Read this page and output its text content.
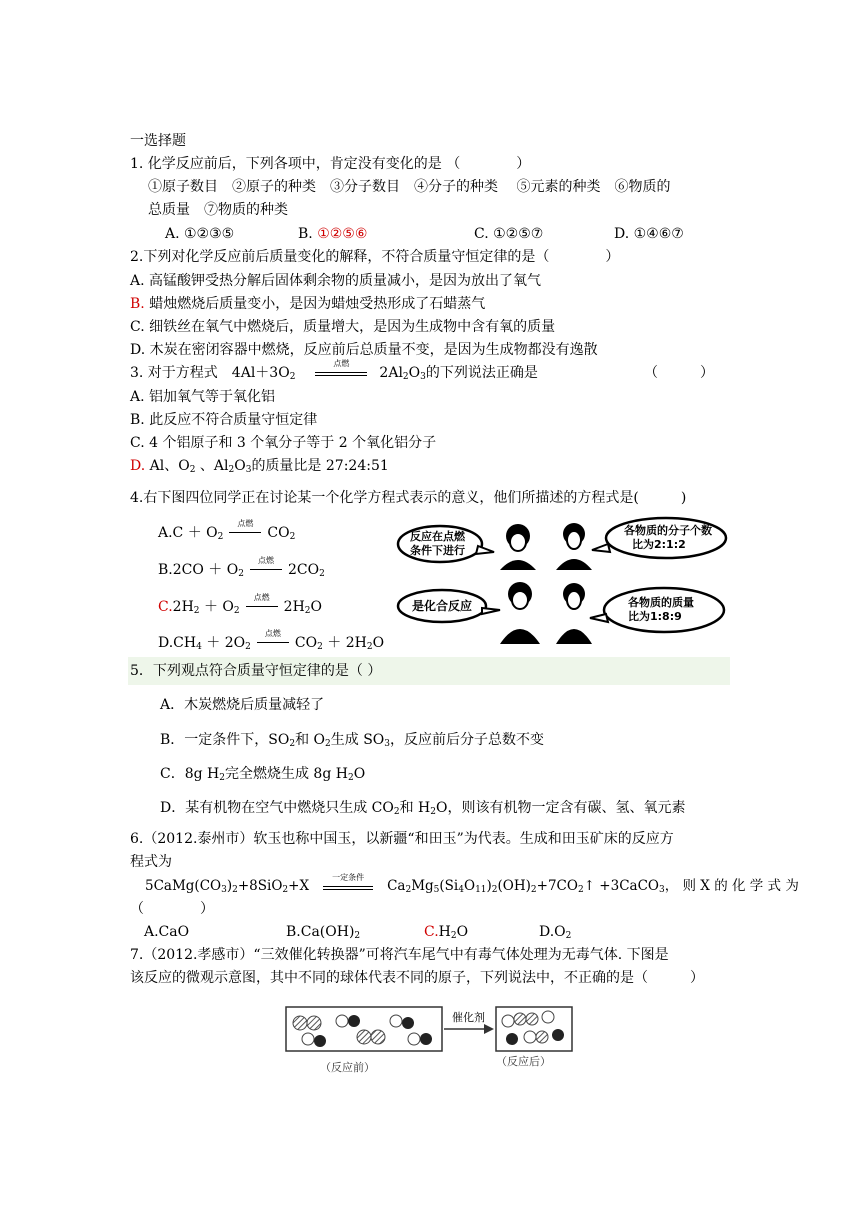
一选择题
1. 化学反应前后，下列各项中，肯定没有变化的是 （　　　　）
①原子数目　②原子的种类　③分子数目　④分子的种类　 ⑤元素的种类　⑥物质的
总质量　⑦物质的种类
A. ①②③⑤	B. ①②⑤⑥	C. ①②⑤⑦	D. ①④⑥⑦
2.下列对化学反应前后质量变化的解释，不符合质量守恒定律的是（　　　　）
A. 高锰酸钾受热分解后固体剩余物的质量减小，是因为放出了氧气
B. 蜡烛燃烧后质量变小，是因为蜡烛受热形成了石蜡蒸气
C. 细铁丝在氧气中燃烧后，质量增大，是因为生成物中含有氧的质量
D. 木炭在密闭容器中燃烧，反应前后总质量不变，是因为生成物都没有逸散
3. 对于方程式　$4Al+3O_2$
点燃
$2Al_2O_3$的下列说法正确是	（　　　）
A. 铝加氧气等于氧化铝
B. 此反应不符合质量守恒定律
C. 4 个铝原子和 3 个氧分子等于 2 个氧化铝分子
D. Al、$O_2$ 、$Al_2O_3$的质量比是 27:24:51
4.右下图四位同学正在讨论某一个化学方程式表示的意义，他们所描述的方程式是(　　　)
$A.C + O_2$
点燃
$CO_2$
$B.2CO + O_2$
点燃
$2CO_2$
$C.2H_2 + O_2$
点燃
$2H_2O$
$D.CH_4 + 2O_2$
点燃
$CO_2 + 2H_2O$
反应在点燃
条件下进行
各物质的分子个数
比为2:1:2
是化合反应	各物质的质量
比为1:8:9
5．下列观点符合质量守恒定律的是（ ）
A．木炭燃烧后质量减轻了
B．一定条件下，$SO_2$和 $O_2$生成 $SO_3$，反应前后分子总数不变
C．8g $H_2$完全燃烧生成 8g $H_2O$
D．某有机物在空气中燃烧只生成 $CO_2$和 $H_2O$，则该有机物一定含有碳、氢、氧元素
6.（2012.泰州市）软玉也称中国玉，以新疆“和田玉”为代表。生成和田玉矿床的反应方
程式为
$5CaMg(CO_3)_2+8SiO_2+X$
一定条件
$Ca_2Mg_5(Si_4O_{11})_2(OH)_2+7CO_2↑$ +3CaCO$_3$， 则 X 的 化 学 式 为
（　　　　）
A.CaO	$B.Ca(OH)_2$	$C.H_2O$	$D.O_2$
7.（2012.孝感市）“三效催化转换器”可将汽车尾气中有毒气体处理为无毒气体. 下图是
该反应的微观示意图，其中不同的球体代表不同的原子，下列说法中，不正确的是（　　　）
催化剂
（反应前）	（反应后）
